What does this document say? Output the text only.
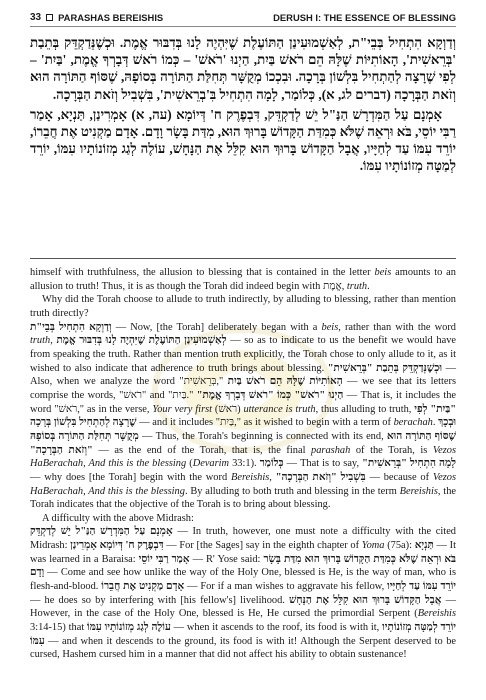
33 PARASHAS BEREISHIS	DERUSH I: THE ESSENCE OF BLESSING

וְדַוְקָא הִתְחִיל בְּבֵי"ת, לְאַשְׁמוּעִינַן הַתּוֹעֶלֶת שֶׁיִּהְיֶה לָנוּ בְּדִבּוּר אֱמֶת. וּכְשֶׁנְּדַקְדֵּק בְּתֵבַת 'בְּרֵאשִׁית', הָאוֹתִיּוֹת שֶׁלָּהּ הֵם רֹאשׁ בַּיִת, הַיְנוּ 'רֹאשׁ' – כְּמוֹ רֹאשׁ דְּבָרְךָ אֱמֶת, 'בַּיִת' – לְפִי שֶׁרָצָה לְהַתְחִיל בִּלְשׁוֹן בְּרָכָה. וּבִכְכוֹ מְקֻשָּׁר תְּחִלַּת הַתּוֹרָה בְּסוֹפָהּ, שֶׁסּוֹף הַתּוֹרָה הוּא וְזֹאת הַבְּרָכָה (דברים לג, א), כְּלוֹמַר, לָמָה הִתְחִיל בִּ'בְרֵאשִׁית', בִּשְׁבִיל וְזֹאת הַבְּרָכָה.

אָמְנָם עַל הַמִּדְרָשׁ הַנַּ"ל יֵשׁ לְדַקְדֵּק, דִּבְפֶרֶק ח' דְּיוֹמָא (עה, א) אָמְרִינַן, תַּנְיָא, אָמַר רַבִּי יוֹסֵי, בֹּא וּרְאֵה שֶׁלֹּא כְּמִדַּת הַקָּדוֹשׁ בָּרוּךְ הוּא, מִדַּת בָּשָׂר וָדָם. אָדָם מַקְנִיט אֶת חֲבֵרוֹ, יוֹרֵד עִמּוֹ עַד לְחַיָּיו, אֲבָל הַקָּדוֹשׁ בָּרוּךְ הוּא קִלֵּל אֶת הַנָּחָשׁ, עוֹלֶה לְגַג מְזוֹנוֹתָיו עִמּוֹ, יוֹרֵד לְמַטָּה מְזוֹנוֹתָיו עִמּוֹ.

himself with truthfulness, the allusion to blessing that is contained in the letter beis amounts to an allusion to truth! Thus, it is as though the Torah did indeed begin with אֱמֶת, truth.

Why did the Torah choose to allude to truth indirectly, by alluding to blessing, rather than mention truth directly?

וְדַוְקָא הִתְחִיל בְּבֵי"ת — Now, [the Torah] deliberately began with a beis, rather than with the word truth, לְאַשְׁמוּעִינַן הַתּוֹעֶלֶת שֶׁיִּהְיֶה לָנוּ בְּדִבּוּר אֱמֶת — so as to indicate to us the benefit we would have from speaking the truth. Rather than mention truth explicitly, the Torah chose to only allude to it, as it wished to also indicate that adherence to truth brings about blessing. וּכְשֶׁנְּדַקְדֵּק בְּתֵבַת "בְּרֵאשִׁית" — Also, when we analyze the word "בְּרֵאשִׁית," הָאוֹתִיּוֹת שֶׁלָּהּ הֵם רֹאשׁ בַּיִת — we see that its letters comprise the words, "רֹאשׁ" and "בַּיִת." הַיְנוּ "רֹאשׁ" כְּמוֹ "רֹאשׁ דְּבָרְךָ אֱמֶת" — That is, it includes the word "רֹאשׁ," as in the verse, Your very first (רֹאשׁ) utterance is truth, thus alluding to truth, "בַּיִת" לְפִי שֶׁרָצָה לְהַתְחִיל בִּלְשׁוֹן בְּרָכָה — and it includes "בַּיִת," as it wished to begin with a term of berachah. וּבְכָךְ מְקֻשָּׁר תְּחִלַּת הַתּוֹרָה בְּסוֹפָהּ — Thus, the Torah's beginning is connected with its end, שֶׁסּוֹף הַתּוֹרָה הוּא "וְזֹאת הַבְּרָכָה" — as the end of the Torah, that is, the final parashah of the Torah, is Vezos HaBerachah, And this is the blessing (Devarim 33:1). כְּלוֹמַר — That is to say, לָמָה הִתְחִיל "בְּרֵאשִׁית" — why does [the Torah] begin with the word Bereishis, בִּשְׁבִיל "וְזֹאת הַבְּרָכָה" — because of Vezos HaBerachah, And this is the blessing. By alluding to both truth and blessing in the term Bereishis, the Torah indicates that the objective of the Torah is to bring about blessing.

A difficulty with the above Midrash:

אָמְנָם עַל הַמִּדְרָשׁ הַנַּ"ל יֵשׁ לְדַקְדֵּק — In truth, however, one must note a difficulty with the cited Midrash: דִּבְפֶרֶק ח' דְּיוֹמָא אָמְרִינַן — For [the Sages] say in the eighth chapter of Yoma (75a): תַּנְיָא — It was learned in a Baraisa: אָמַר רַבִּי יוֹסֵי — R' Yose said: בֹּא וּרְאֵה שֶׁלֹּא כְּמִדַּת הַקָּדוֹשׁ בָּרוּךְ הוּא מִדַּת בָּשָׂר וָדָם — Come and see how unlike the way of the Holy One, blessed is He, is the way of man, who is flesh-and-blood. אָדָם מַקְנִיט אֶת חֲבֵרוֹ — For if a man wishes to aggravate his fellow, יוֹרֵד עִמּוֹ עַד לְחַיָּיו — he does so by interfering with [his fellow's] livelihood. אֲבָל הַקָּדוֹשׁ בָּרוּךְ הוּא קִלֵּל אֶת הַנָּחָשׁ — However, in the case of the Holy One, blessed is He, He cursed the primordial Serpent (Bereishis 3:14-15) that עוֹלֶה לְגַג מְזוֹנוֹתָיו עִמּוֹ — when it ascends to the roof, its food is with it, יוֹרֵד לְמַטָּה מְזוֹנוֹתָיו עִמּוֹ — and when it descends to the ground, its food is with it! Although the Serpent deserved to be cursed, Hashem cursed him in a manner that did not affect his ability to obtain sustenance!
